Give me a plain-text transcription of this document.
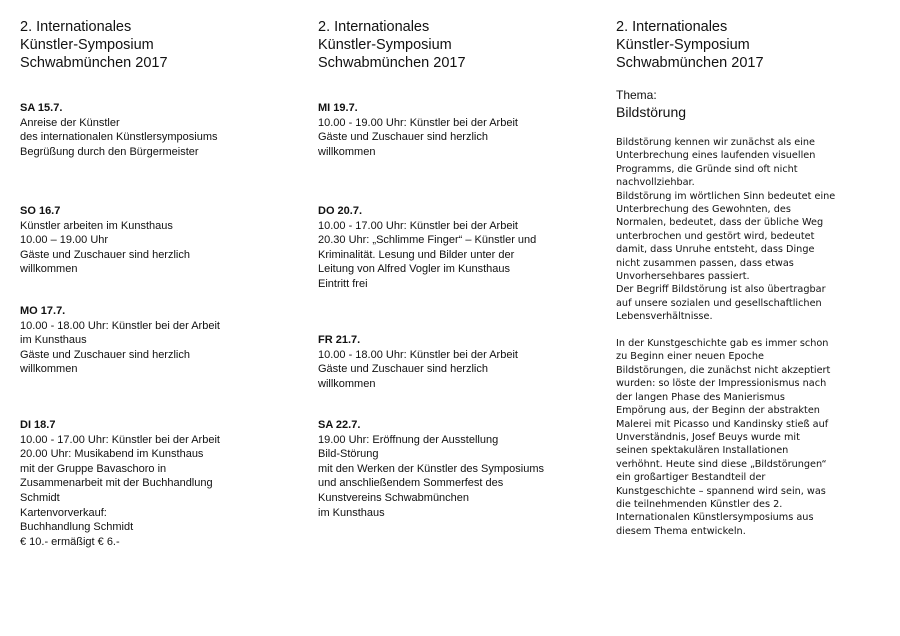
2. Internationales
Künstler-Symposium
Schwabmünchen 2017
SA 15.7.
Anreise der Künstler
des internationalen Künstlersymposiums
Begrüßung durch den Bürgermeister
SO 16.7
Künstler arbeiten im Kunsthaus
10.00 – 19.00 Uhr
Gäste und Zuschauer sind herzlich
willkommen
MO 17.7.
10.00 - 18.00 Uhr: Künstler bei der Arbeit
im Kunsthaus
Gäste und Zuschauer sind herzlich
willkommen
DI 18.7
10.00 - 17.00 Uhr: Künstler bei der Arbeit
20.00 Uhr: Musikabend im Kunsthaus
mit der Gruppe Bavaschoro in
Zusammenarbeit mit der Buchhandlung
Schmidt
Kartenvorverkauf:
Buchhandlung Schmidt
€ 10.- ermäßigt € 6.-
2. Internationales
Künstler-Symposium
Schwabmünchen 2017
MI 19.7.
10.00 - 19.00 Uhr: Künstler bei der Arbeit
Gäste und Zuschauer sind herzlich
willkommen
DO 20.7.
10.00 - 17.00 Uhr: Künstler bei der Arbeit
20.30 Uhr: „Schlimme Finger“ – Künstler und
Kriminalität. Lesung und Bilder unter der
Leitung von Alfred Vogler im Kunsthaus
Eintritt frei
FR 21.7.
10.00 - 18.00 Uhr: Künstler bei der Arbeit
Gäste und Zuschauer sind herzlich
willkommen
SA 22.7.
19.00 Uhr: Eröffnung der Ausstellung
Bild-Störung
mit den Werken der Künstler des Symposiums
und anschließendem Sommerfest des
Kunstvereins Schwabmünchen
im Kunsthaus
2. Internationales
Künstler-Symposium
Schwabmünchen 2017
Thema:
Bildstörung
Bildstörung kennen wir zunächst als eine
Unterbrechung eines laufenden visuellen
Programms, die Gründe sind oft nicht
nachvollziehbar.
Bildstörung im wörtlichen Sinn bedeutet eine
Unterbrechung des Gewohnten, des
Normalen, bedeutet, dass der übliche Weg
unterbrochen und gestört wird, bedeutet
damit, dass Unruhe entsteht, dass Dinge
nicht zusammen passen, dass etwas
Unvorhersehbares passiert.
Der Begriff Bildstörung ist also übertragbar
auf unsere sozialen und gesellschaftlichen
Lebensverhältnisse.
In der Kunstgeschichte gab es immer schon
zu Beginn einer neuen Epoche
Bildstörungen, die zunächst nicht akzeptiert
wurden: so löste der Impressionismus nach
der langen Phase des Manierismus
Empörung aus, der Beginn der abstrakten
Malerei mit Picasso und Kandinsky stieß auf
Unverständnis, Josef Beuys wurde mit
seinen spektakulären Installationen
verhöhnt. Heute sind diese „Bildstörungen“
ein großartiger Bestandteil der
Kunstgeschichte – spannend wird sein, was
die teilnehmenden Künstler des 2.
Internationalen Künstlersymposiums aus
diesem Thema entwickeln.
